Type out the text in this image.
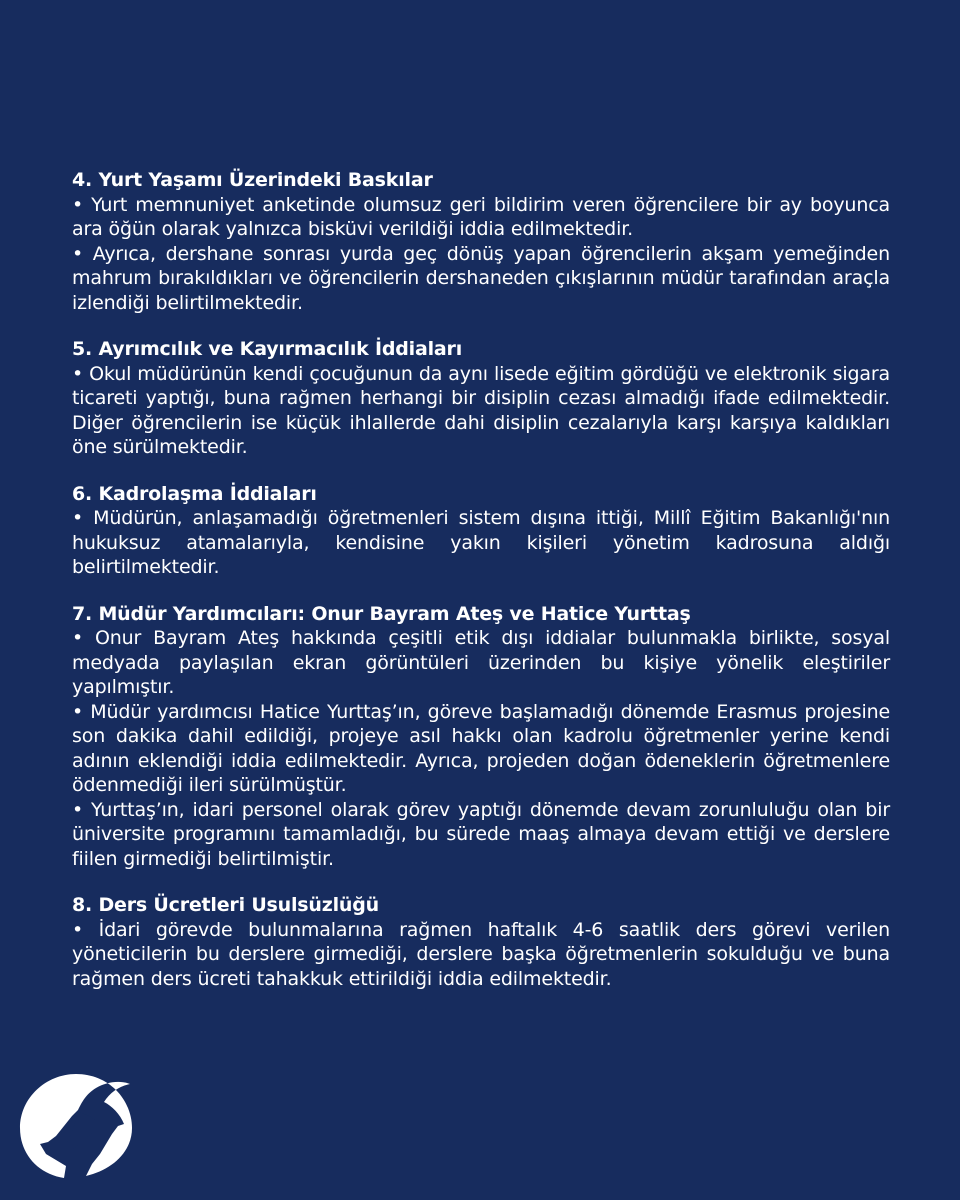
4. Yurt Yaşamı Üzerindeki Baskılar

• Yurt memnuniyet anketinde olumsuz geri bildirim veren öğrencilere bir ay boyunca ara öğün olarak yalnızca bisküvi verildiği iddia edilmektedir.

• Ayrıca, dershane sonrası yurda geç dönüş yapan öğrencilerin akşam yemeğinden mahrum bırakıldıkları ve öğrencilerin dershaneden çıkışlarının müdür tarafından araçla izlendiği belirtilmektedir.

5. Ayrımcılık ve Kayırmacılık İddiaları

• Okul müdürünün kendi çocuğunun da aynı lisede eğitim gördüğü ve elektronik sigara ticareti yaptığı, buna rağmen herhangi bir disiplin cezası almadığı ifade edilmektedir. Diğer öğrencilerin ise küçük ihlallerde dahi disiplin cezalarıyla karşı karşıya kaldıkları öne sürülmektedir.

6. Kadrolaşma İddiaları

• Müdürün, anlaşamadığı öğretmenleri sistem dışına ittiği, Millî Eğitim Bakanlığı'nın hukuksuz atamalarıyla, kendisine yakın kişileri yönetim kadrosuna aldığı belirtilmektedir.

7. Müdür Yardımcıları: Onur Bayram Ateş ve Hatice Yurttaş

• Onur Bayram Ateş hakkında çeşitli etik dışı iddialar bulunmakla birlikte, sosyal medyada paylaşılan ekran görüntüleri üzerinden bu kişiye yönelik eleştiriler yapılmıştır.

• Müdür yardımcısı Hatice Yurttaş’ın, göreve başlamadığı dönemde Erasmus projesine son dakika dahil edildiği, projeye asıl hakkı olan kadrolu öğretmenler yerine kendi adının eklendiği iddia edilmektedir. Ayrıca, projeden doğan ödeneklerin öğretmenlere ödenmediği ileri sürülmüştür.

• Yurttaş’ın, idari personel olarak görev yaptığı dönemde devam zorunluluğu olan bir üniversite programını tamamladığı, bu sürede maaş almaya devam ettiği ve derslere fiilen girmediği belirtilmiştir.

8. Ders Ücretleri Usulsüzlüğü

• İdari görevde bulunmalarına rağmen haftalık 4-6 saatlik ders görevi verilen yöneticilerin bu derslere girmediği, derslere başka öğretmenlerin sokulduğu ve buna rağmen ders ücreti tahakkuk ettirildiği iddia edilmektedir.
